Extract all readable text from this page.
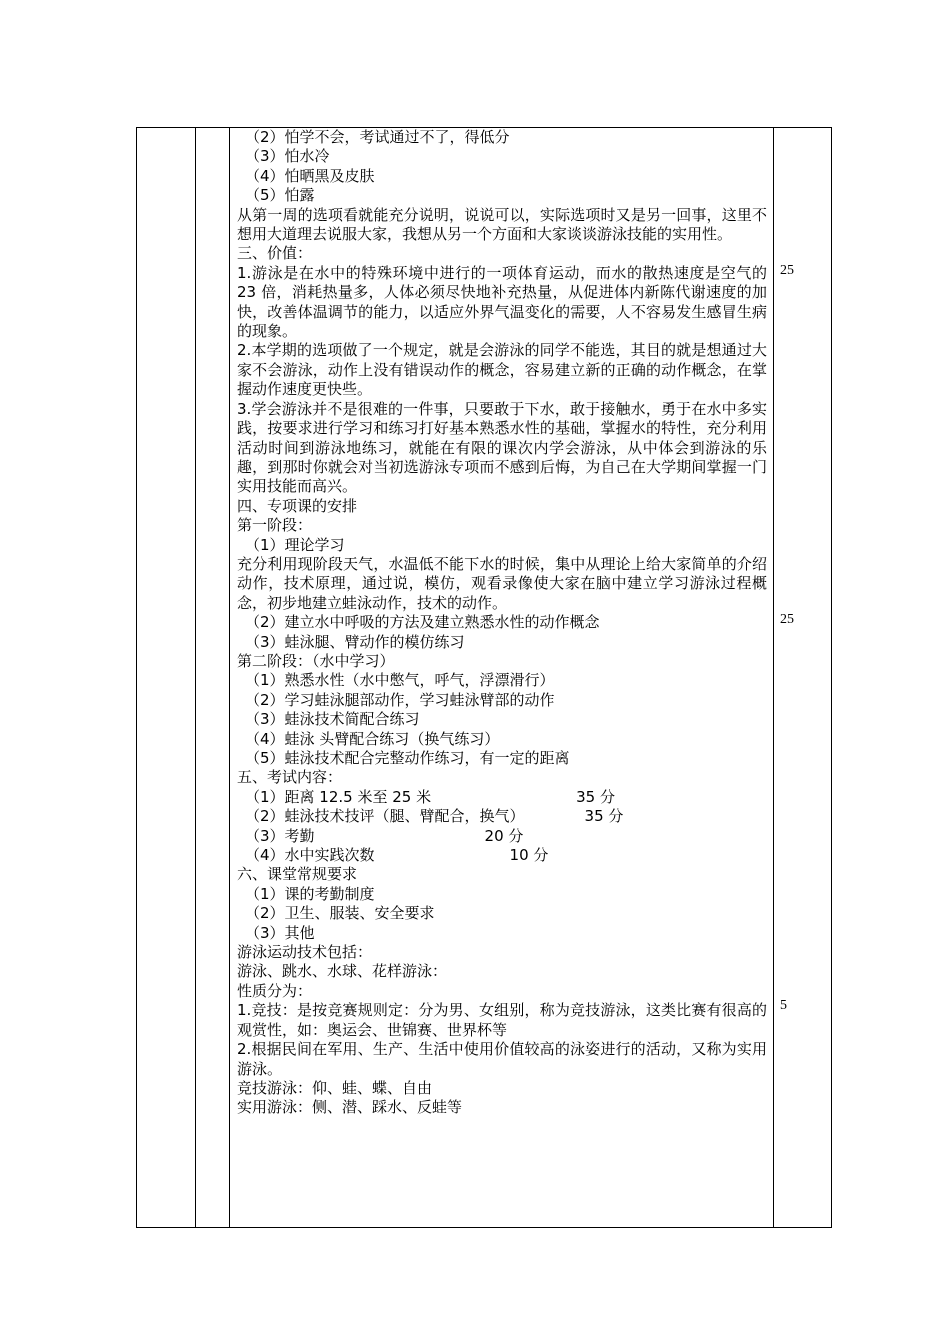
（2）怕学不会，考试通过不了，得低分

（3）怕水冷

（4）怕晒黑及皮肤

（5）怕露

从第一周的选项看就能充分说明，说说可以，实际选项时又是另一回事，这里不想用大道理去说服大家，我想从另一个方面和大家谈谈游泳技能的实用性。

三、价值：

1.游泳是在水中的特殊环境中进行的一项体育运动，而水的散热速度是空气的 23 倍，消耗热量多，人体必须尽快地补充热量，从促进体内新陈代谢速度的加快，改善体温调节的能力，以适应外界气温变化的需要，人不容易发生感冒生病的现象。

2.本学期的选项做了一个规定，就是会游泳的同学不能选，其目的就是想通过大家不会游泳，动作上没有错误动作的概念，容易建立新的正确的动作概念，在掌握动作速度更快些。

3.学会游泳并不是很难的一件事，只要敢于下水，敢于接触水，勇于在水中多实践，按要求进行学习和练习打好基本熟悉水性的基础，掌握水的特性，充分利用活动时间到游泳地练习，就能在有限的课次内学会游泳，从中体会到游泳的乐趣，到那时你就会对当初选游泳专项而不感到后悔，为自己在大学期间掌握一门实用技能而高兴。

四、专项课的安排

第一阶段：

（1）理论学习

充分利用现阶段天气，水温低不能下水的时候，集中从理论上给大家简单的介绍动作，技术原理，通过说，模仿，观看录像使大家在脑中建立学习游泳过程概念，初步地建立蛙泳动作，技术的动作。

（2）建立水中呼吸的方法及建立熟悉水性的动作概念

（3）蛙泳腿、臂动作的模仿练习

第二阶段：（水中学习）

（1）熟悉水性（水中憋气，呼气，浮漂滑行）

（2）学习蛙泳腿部动作，学习蛙泳臂部的动作

（3）蛙泳技术简配合练习

（4）蛙泳 头臂配合练习（换气练习）

（5）蛙泳技术配合完整动作练习，有一定的距离

五、考试内容：

（1）距离 12.5 米至 25 米	35 分

（2）蛙泳技术技评（腿、臂配合，换气）	35 分

（3）考勤	20 分

（4）水中实践次数	10 分

六、课堂常规要求

（1）课的考勤制度

（2）卫生、服装、安全要求

（3）其他

游泳运动技术包括：

游泳、跳水、水球、花样游泳：

性质分为：

1.竞技：是按竞赛规则定：分为男、女组别，称为竞技游泳，这类比赛有很高的观赏性，如：奥运会、世锦赛、世界杯等

2.根据民间在军用、生产、生活中使用价值较高的泳姿进行的活动，又称为实用游泳。

竞技游泳：仰、蛙、蝶、自由

实用游泳：侧、潜、踩水、反蛙等

25
25
5
